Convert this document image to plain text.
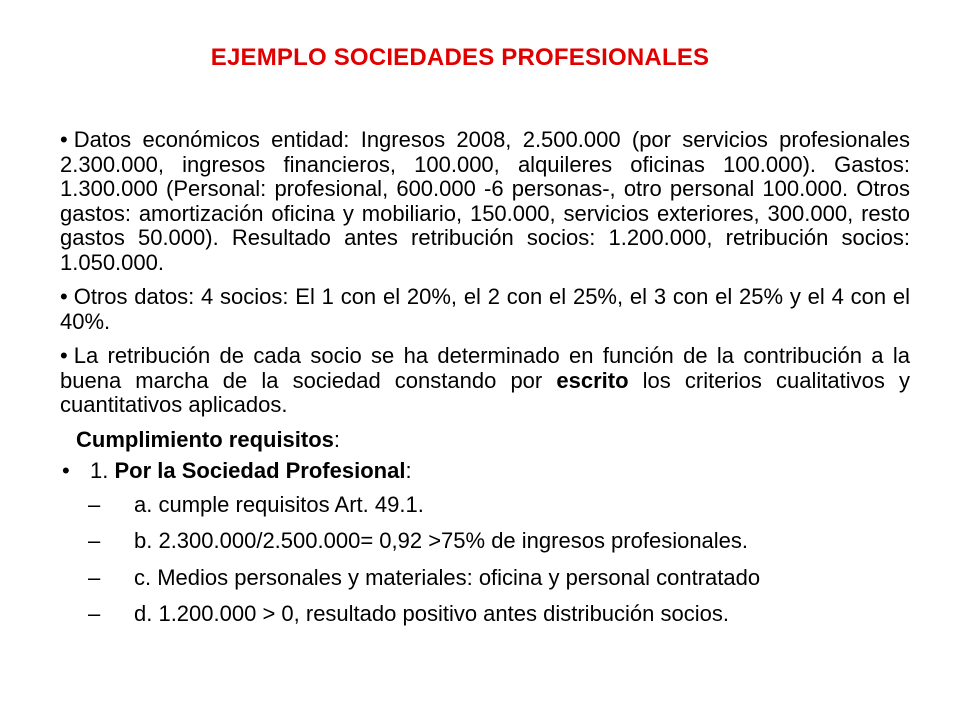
EJEMPLO SOCIEDADES PROFESIONALES

• Datos económicos entidad: Ingresos 2008, 2.500.000 (por servicios profesionales 2.300.000, ingresos financieros, 100.000, alquileres oficinas 100.000). Gastos: 1.300.000 (Personal: profesional, 600.000 -6 personas-, otro personal 100.000. Otros gastos: amortización oficina y mobiliario, 150.000, servicios exteriores, 300.000, resto gastos 50.000). Resultado antes retribución socios: 1.200.000, retribución socios: 1.050.000.

• Otros datos: 4 socios: El 1 con el 20%, el 2 con el 25%, el 3 con el 25% y el 4 con el 40%.

• La retribución de cada socio se ha determinado en función de la contribución a la buena marcha de la sociedad constando por escrito los criterios cualitativos y cuantitativos aplicados.

Cumplimiento requisitos:
• 1. Por la Sociedad Profesional:
–	a. cumple requisitos Art. 49.1.
–	b. 2.300.000/2.500.000= 0,92 >75% de ingresos profesionales.
–	c. Medios personales y materiales: oficina y personal contratado
–	d. 1.200.000 > 0, resultado positivo antes distribución socios.
